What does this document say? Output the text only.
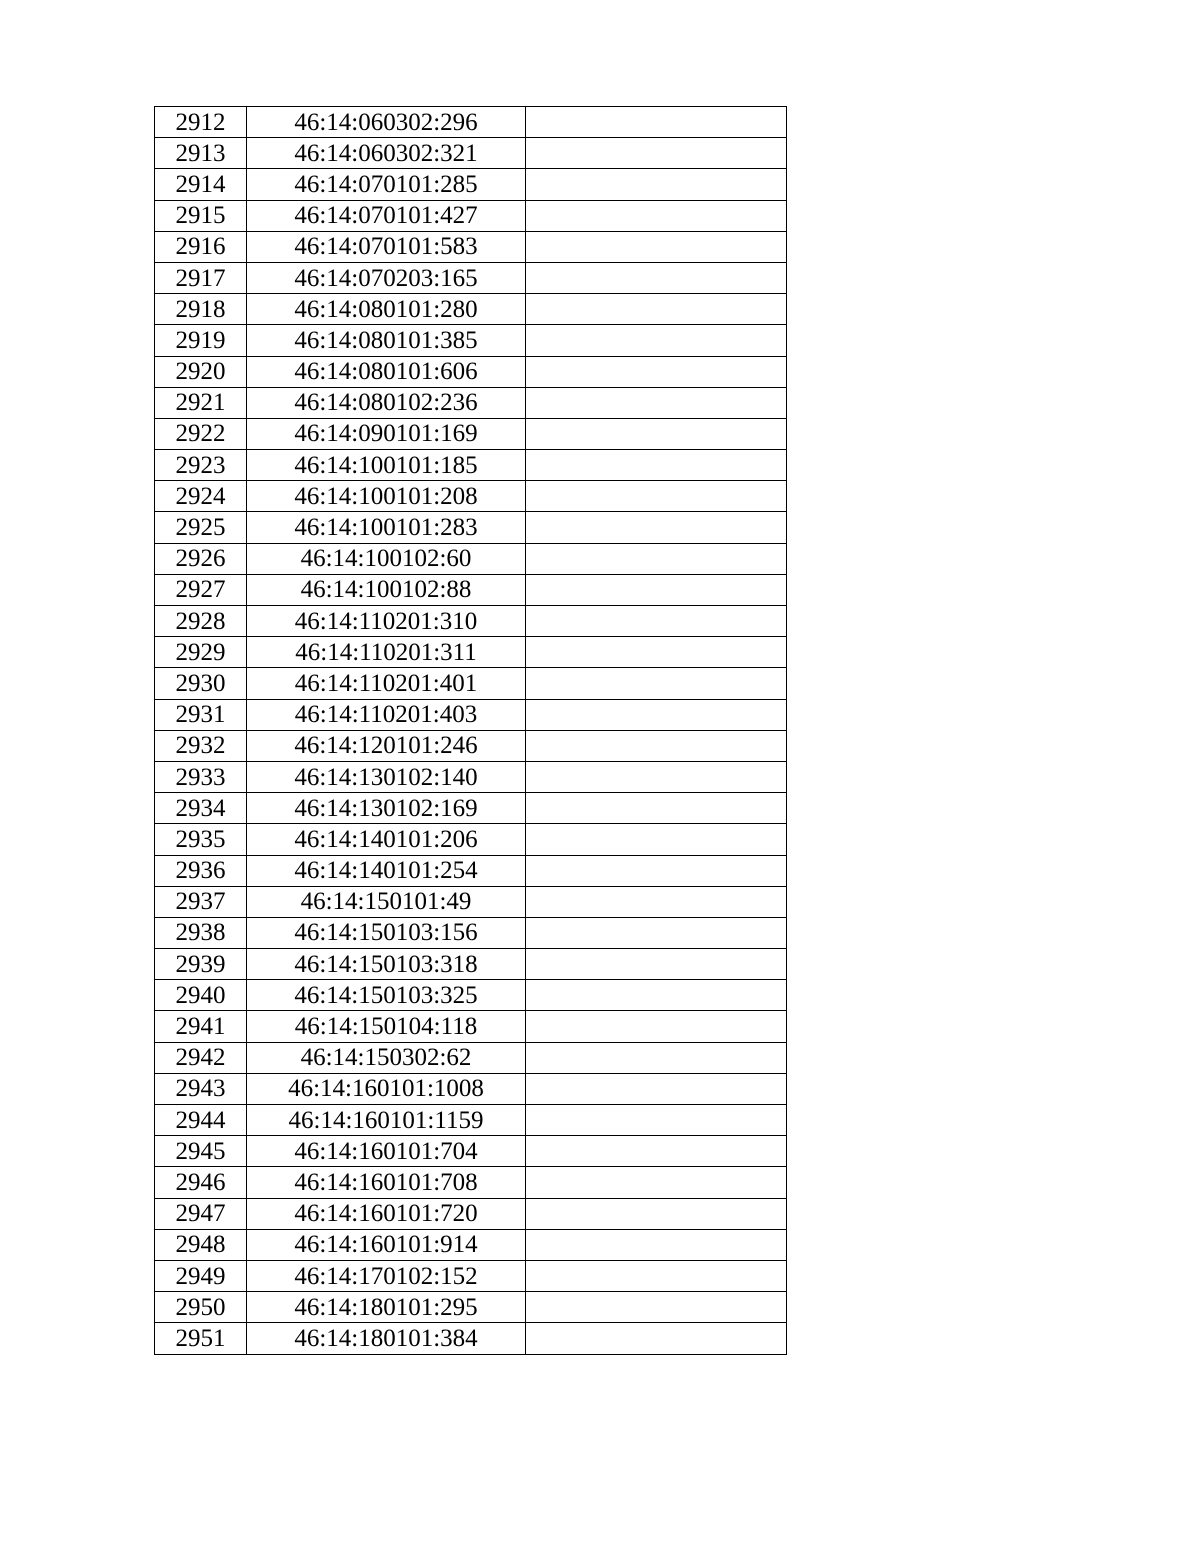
2912	46:14:060302:296	
2913	46:14:060302:321	
2914	46:14:070101:285	
2915	46:14:070101:427	
2916	46:14:070101:583	
2917	46:14:070203:165	
2918	46:14:080101:280	
2919	46:14:080101:385	
2920	46:14:080101:606	
2921	46:14:080102:236	
2922	46:14:090101:169	
2923	46:14:100101:185	
2924	46:14:100101:208	
2925	46:14:100101:283	
2926	46:14:100102:60	
2927	46:14:100102:88	
2928	46:14:110201:310	
2929	46:14:110201:311	
2930	46:14:110201:401	
2931	46:14:110201:403	
2932	46:14:120101:246	
2933	46:14:130102:140	
2934	46:14:130102:169	
2935	46:14:140101:206	
2936	46:14:140101:254	
2937	46:14:150101:49	
2938	46:14:150103:156	
2939	46:14:150103:318	
2940	46:14:150103:325	
2941	46:14:150104:118	
2942	46:14:150302:62	
2943	46:14:160101:1008	
2944	46:14:160101:1159	
2945	46:14:160101:704	
2946	46:14:160101:708	
2947	46:14:160101:720	
2948	46:14:160101:914	
2949	46:14:170102:152	
2950	46:14:180101:295	
2951	46:14:180101:384	
